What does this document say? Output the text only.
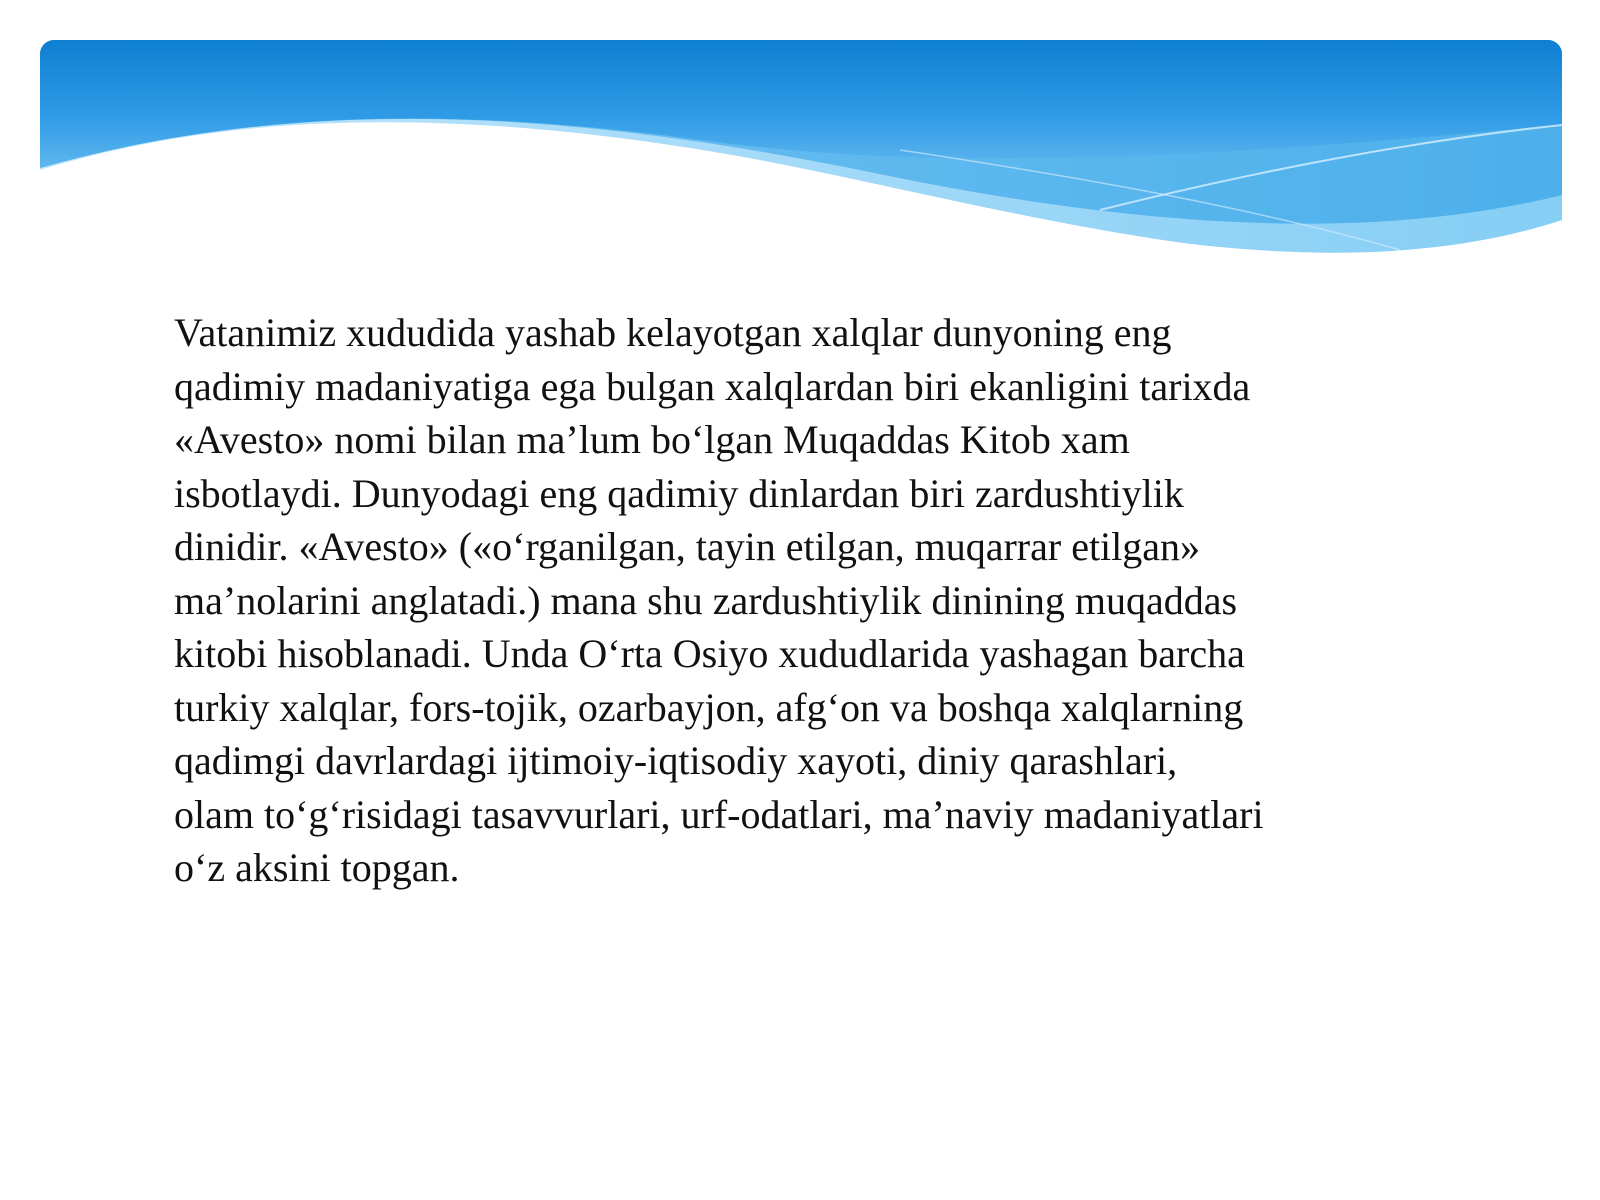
Vatanimiz xududida yashab kelayotgan xalqlar dunyoning eng
qadimiy madaniyatiga ega bulgan xalqlardan biri ekanligini tarixda
«Avesto» nomi bilan ma’lum bo‘lgan Muqaddas Kitob xam
isbotlaydi. Dunyodagi eng qadimiy dinlardan biri zardushtiylik
dinidir. «Avesto» («o‘rganilgan, tayin etilgan, muqarrar etilgan»
ma’nolarini anglatadi.) mana shu zardushtiylik dinining muqaddas
kitobi hisoblanadi. Unda O‘rta Osiyo xududlarida yashagan barcha
turkiy xalqlar, fors-tojik, ozarbayjon, afg‘on va boshqa xalqlarning
qadimgi davrlardagi ijtimoiy-iqtisodiy xayoti, diniy qarashlari,
olam to‘g‘risidagi tasavvurlari, urf-odatlari, ma’naviy madaniyatlari
o‘z aksini topgan.
